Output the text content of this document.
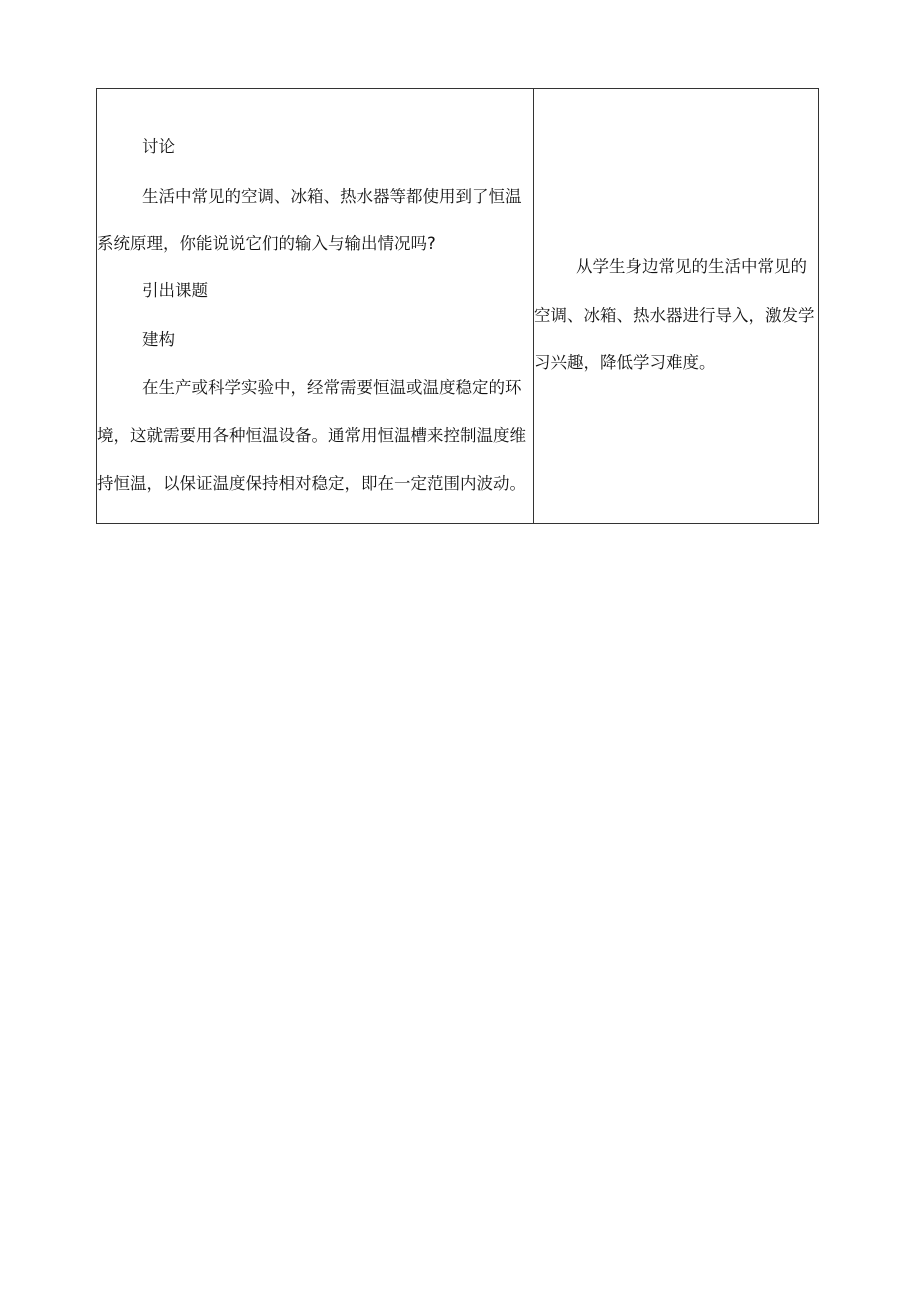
讨论
生活中常见的空调、冰箱、热水器等都使用到了恒温
系统原理，你能说说它们的输入与输出情况吗?
引出课题
建构
在生产或科学实验中，经常需要恒温或温度稳定的环
境，这就需要用各种恒温设备。通常用恒温槽来控制温度维
持恒温，以保证温度保持相对稳定，即在一定范围内波动。
从学生身边常见的生活中常见的
空调、冰箱、热水器进行导入，激发学
习兴趣，降低学习难度。
